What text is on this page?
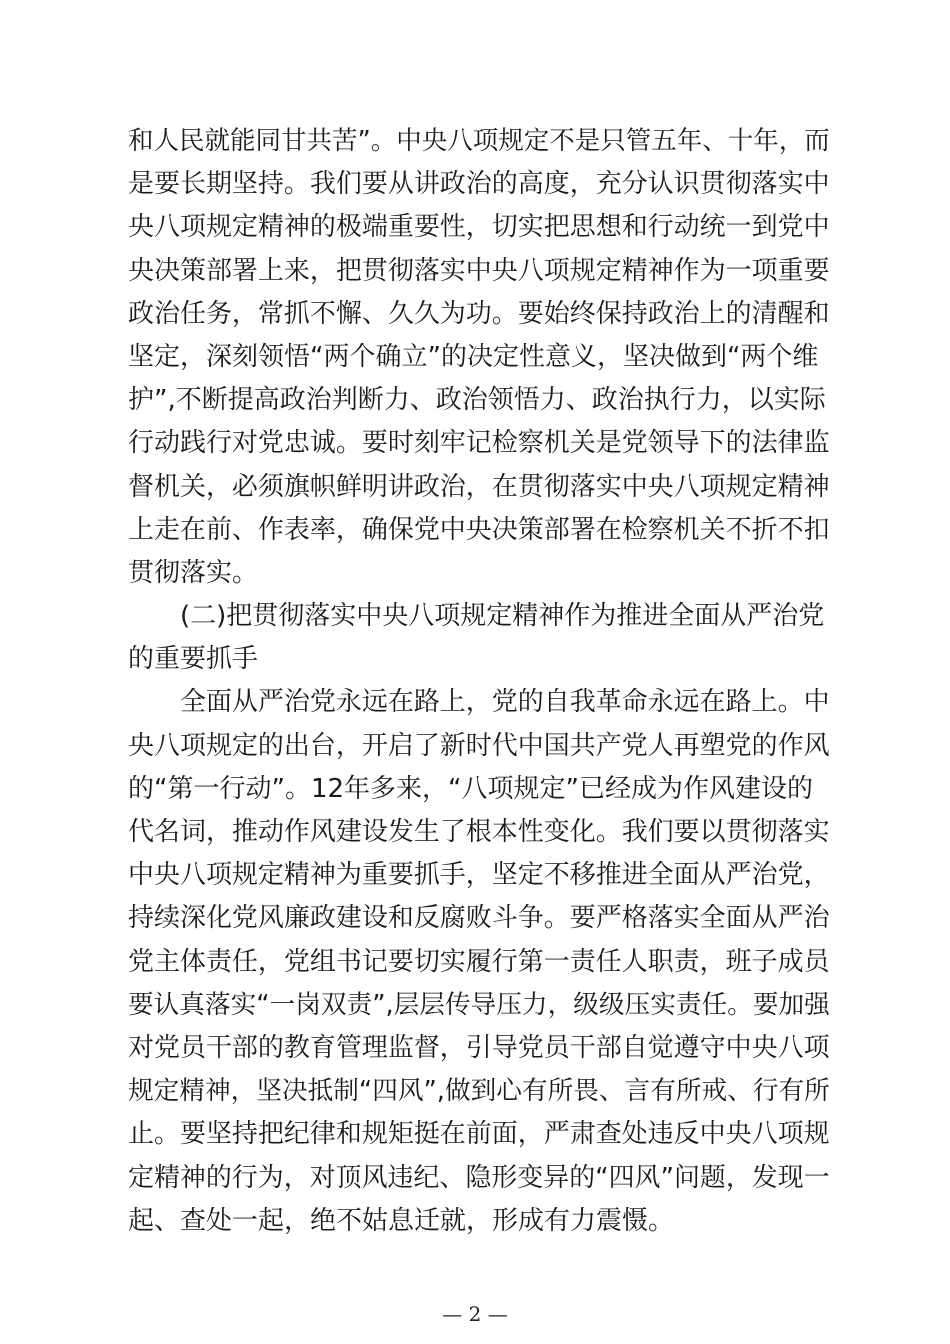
和人民就能同甘共苦”。中央八项规定不是只管五年、十年，而
是要长期坚持。我们要从讲政治的高度，充分认识贯彻落实中
央八项规定精神的极端重要性，切实把思想和行动统一到党中
央决策部署上来，把贯彻落实中央八项规定精神作为一项重要
政治任务，常抓不懈、久久为功。要始终保持政治上的清醒和
坚定，深刻领悟“两个确立”的决定性意义，坚决做到“两个维
护”,不断提高政治判断力、政治领悟力、政治执行力，以实际
行动践行对党忠诚。要时刻牢记检察机关是党领导下的法律监
督机关，必须旗帜鲜明讲政治，在贯彻落实中央八项规定精神
上走在前、作表率，确保党中央决策部署在检察机关不折不扣
贯彻落实。
　　(二)把贯彻落实中央八项规定精神作为推进全面从严治党
的重要抓手
　　全面从严治党永远在路上，党的自我革命永远在路上。中
央八项规定的出台，开启了新时代中国共产党人再塑党的作风
的“第一行动”。12年多来，“八项规定”已经成为作风建设的
代名词，推动作风建设发生了根本性变化。我们要以贯彻落实
中央八项规定精神为重要抓手，坚定不移推进全面从严治党，
持续深化党风廉政建设和反腐败斗争。要严格落实全面从严治
党主体责任，党组书记要切实履行第一责任人职责，班子成员
要认真落实“一岗双责”,层层传导压力，级级压实责任。要加强
对党员干部的教育管理监督，引导党员干部自觉遵守中央八项
规定精神，坚决抵制“四风”,做到心有所畏、言有所戒、行有所
止。要坚持把纪律和规矩挺在前面，严肃查处违反中央八项规
定精神的行为，对顶风违纪、隐形变异的“四风”问题，发现一
起、查处一起，绝不姑息迁就，形成有力震慑。
— 2 —
